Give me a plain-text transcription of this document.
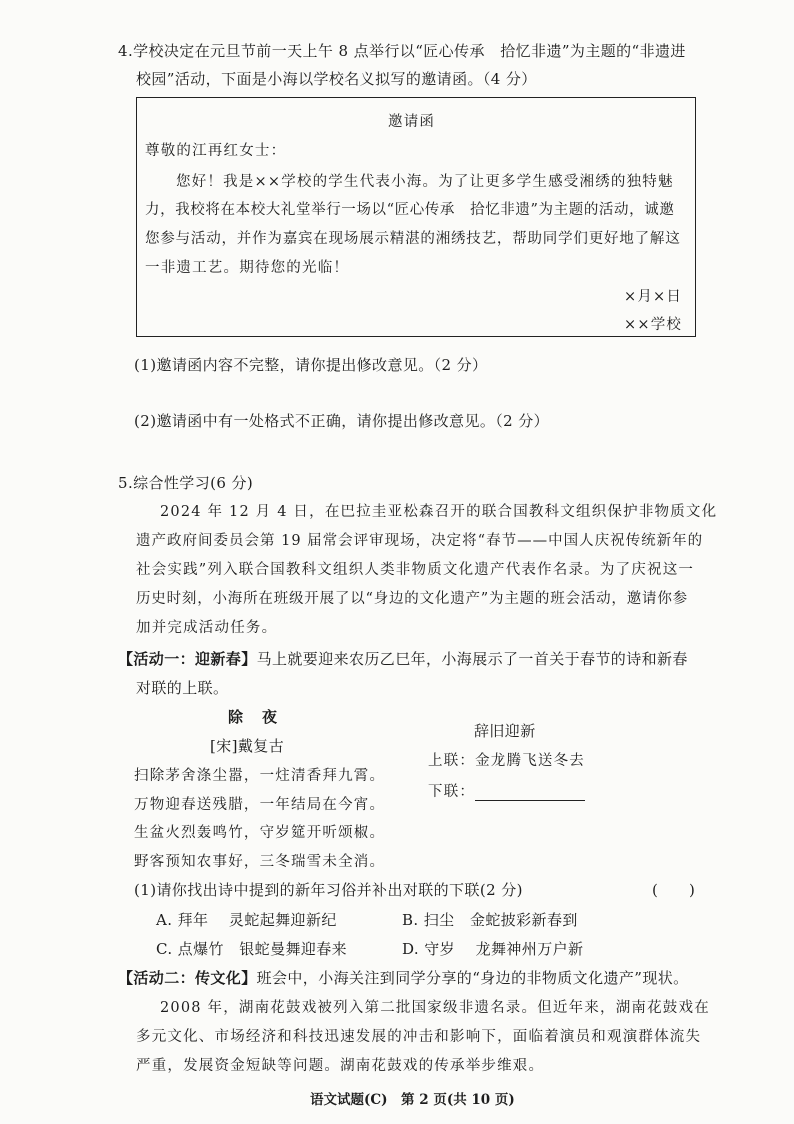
4.学校决定在元旦节前一天上午 8 点举行以“匠心传承　拾忆非遗”为主题的“非遗进
校园”活动，下面是小海以学校名义拟写的邀请函。（4 分）
邀请函
尊敬的江再红女士：
您好！我是××学校的学生代表小海。为了让更多学生感受湘绣的独特魅
力，我校将在本校大礼堂举行一场以“匠心传承　拾忆非遗”为主题的活动，诚邀
您参与活动，并作为嘉宾在现场展示精湛的湘绣技艺，帮助同学们更好地了解这
一非遗工艺。期待您的光临！
×月×日
××学校
(1)邀请函内容不完整，请你提出修改意见。（2 分）
(2)邀请函中有一处格式不正确，请你提出修改意见。（2 分）
5.综合性学习(6 分)
2024 年 12 月 4 日，在巴拉圭亚松森召开的联合国教科文组织保护非物质文化
遗产政府间委员会第 19 届常会评审现场，决定将“春节——中国人庆祝传统新年的
社会实践”列入联合国教科文组织人类非物质文化遗产代表作名录。为了庆祝这一
历史时刻，小海所在班级开展了以“身边的文化遗产”为主题的班会活动，邀请你参
加并完成活动任务。
【活动一：迎新春】马上就要迎来农历乙巳年，小海展示了一首关于春节的诗和新春
对联的上联。
除　夜
[宋]戴复古
扫除茅舍涤尘嚣，一炷清香拜九霄。
万物迎春送残腊，一年结局在今宵。
生盆火烈轰鸣竹，守岁筵开听颂椒。
野客预知农事好，三冬瑞雪未全消。
辞旧迎新
上联：金龙腾飞送冬去
下联：
(1)请你找出诗中提到的新年习俗并补出对联的下联(2 分)	(　　)
A. 拜年　 灵蛇起舞迎新纪	B. 扫尘　金蛇披彩新春到
C. 点爆竹　银蛇曼舞迎春来	D. 守岁　 龙舞神州万户新
【活动二：传文化】班会中，小海关注到同学分享的“身边的非物质文化遗产”现状。
2008 年，湖南花鼓戏被列入第二批国家级非遗名录。但近年来，湖南花鼓戏在
多元文化、市场经济和科技迅速发展的冲击和影响下，面临着演员和观演群体流失
严重，发展资金短缺等问题。湖南花鼓戏的传承举步维艰。
语文试题(C)　第 2 页(共 10 页)
